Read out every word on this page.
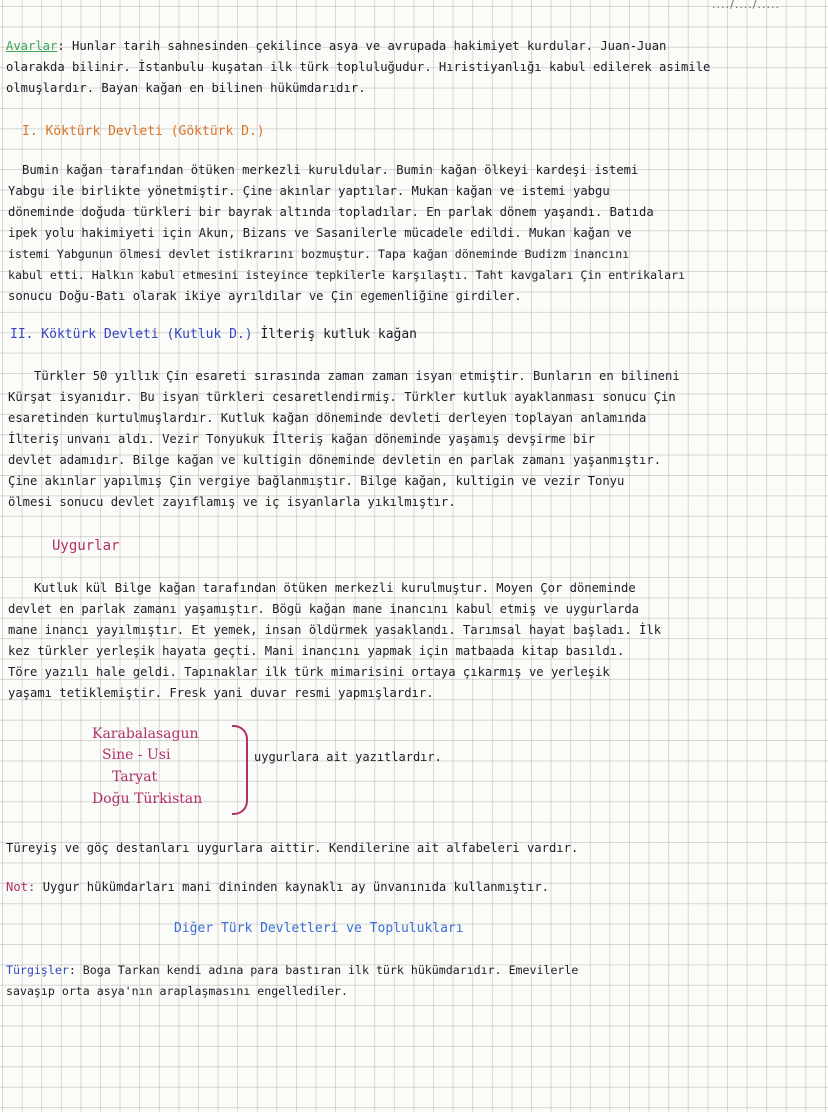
..../..../.....
Avarlar: Hunlar tarih sahnesinden çekilince asya ve avrupada hakimiyet kurdular. Juan-Juan
olarakda bilinir. İstanbulu kuşatan ilk türk topluluğudur. Hıristiyanlığı kabul edilerek asimile
olmuşlardır. Bayan kağan en bilinen hükümdarıdır.
I. Köktürk Devleti (Göktürk D.)
Bumin kağan tarafından ötüken merkezli kuruldular. Bumin kağan ölkeyi kardeşi istemi
Yabgu ile birlikte yönetmiştir. Çine akınlar yaptılar. Mukan kağan ve istemi yabgu
döneminde doğuda türkleri bir bayrak altında topladılar. En parlak dönem yaşandı. Batıda
ipek yolu hakimiyeti için Akun, Bizans ve Sasanilerle mücadele edildi. Mukan kağan ve
istemi Yabgunun ölmesi devlet istikrarını bozmuştur. Tapa kağan döneminde Budizm inancını
kabul etti. Halkın kabul etmesini isteyince tepkilerle karşılaştı. Taht kavgaları Çin entrikaları
sonucu Doğu-Batı olarak ikiye ayrıldılar ve Çin egemenliğine girdiler.
II. Köktürk Devleti (Kutluk D.) İlteriş kutluk kağan
Türkler 50 yıllık Çin esareti sırasında zaman zaman isyan etmiştir. Bunların en bilineni
Kürşat isyanıdır. Bu isyan türkleri cesaretlendirmiş. Türkler kutluk ayaklanması sonucu Çin
esaretinden kurtulmuşlardır. Kutluk kağan döneminde devleti derleyen toplayan anlamında
İlteriş unvanı aldı. Vezir Tonyukuk İlteriş kağan döneminde yaşamış devşirme bir
devlet adamıdır. Bilge kağan ve kultigin döneminde devletin en parlak zamanı yaşanmıştır.
Çine akınlar yapılmış Çin vergiye bağlanmıştır. Bilge kağan, kultigin ve vezir Tonyu
ölmesi sonucu devlet zayıflamış ve iç isyanlarla yıkılmıştır.
Uygurlar
Kutluk kül Bilge kağan tarafından ötüken merkezli kurulmuştur. Moyen Çor döneminde
devlet en parlak zamanı yaşamıştır. Bögü kağan mane inancını kabul etmiş ve uygurlarda
mane inancı yayılmıştır. Et yemek, insan öldürmek yasaklandı. Tarımsal hayat başladı. İlk
kez türkler yerleşik hayata geçti. Mani inancını yapmak için matbaada kitap basıldı.
Töre yazılı hale geldi. Tapınaklar ilk türk mimarisini ortaya çıkarmış ve yerleşik
yaşamı tetiklemiştir. Fresk yani duvar resmi yapmışlardır.
Karabalasagun
Sine - Usi
Taryat
Doğu Türkistan
uygurlara ait yazıtlardır.
Türeyiş ve göç destanları uygurlara aittir. Kendilerine ait alfabeleri vardır.
Not: Uygur hükümdarları mani dininden kaynaklı ay ünvanınıda kullanmıştır.
Diğer Türk Devletleri ve Toplulukları
Türgişler: Boga Tarkan kendi adına para bastıran ilk türk hükümdarıdır. Emevilerle
savaşıp orta asya'nın araplaşmasını engellediler.
